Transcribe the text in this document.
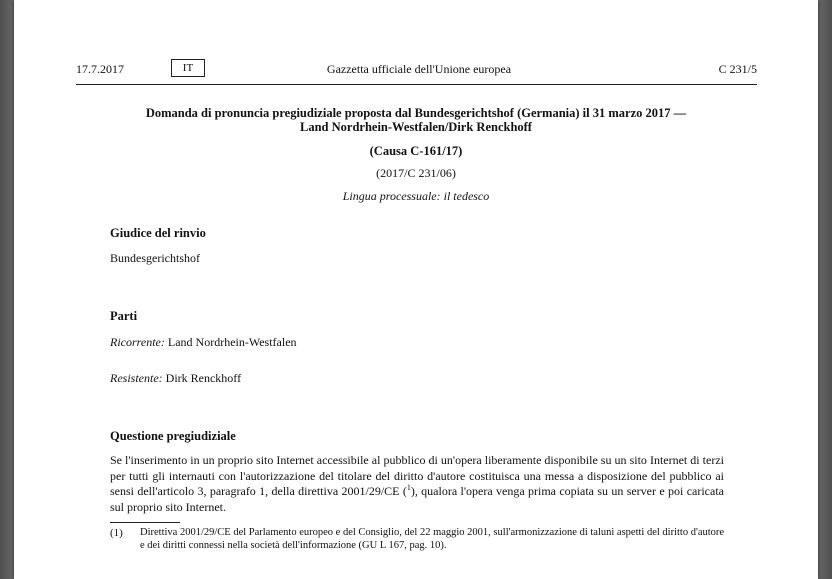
17.7.2017	IT	Gazzetta ufficiale dell'Unione europea	C 231/5
Domanda di pronuncia pregiudiziale proposta dal Bundesgerichtshof (Germania) il 31 marzo 2017 —
Land Nordrhein-Westfalen/Dirk Renckhoff
(Causa C-161/17)
(2017/C 231/06)
Lingua processuale: il tedesco
Giudice del rinvio
Bundesgerichtshof
Parti
Ricorrente: Land Nordrhein-Westfalen
Resistente: Dirk Renckhoff
Questione pregiudiziale
Se l'inserimento in un proprio sito Internet accessibile al pubblico di un'opera liberamente disponibile su un sito Internet di terzi per tutti gli internauti con l'autorizzazione del titolare del diritto d'autore costituisca una messa a disposizione del pubblico ai sensi dell'articolo 3, paragrafo 1, della direttiva 2001/29/CE ($^1$), qualora l'opera venga prima copiata su un server e poi caricata sul proprio sito Internet.
(1) Direttiva 2001/29/CE del Parlamento europeo e del Consiglio, del 22 maggio 2001, sull'armonizzazione di taluni aspetti del diritto d'autore e dei diritti connessi nella società dell'informazione (GU L 167, pag. 10).
